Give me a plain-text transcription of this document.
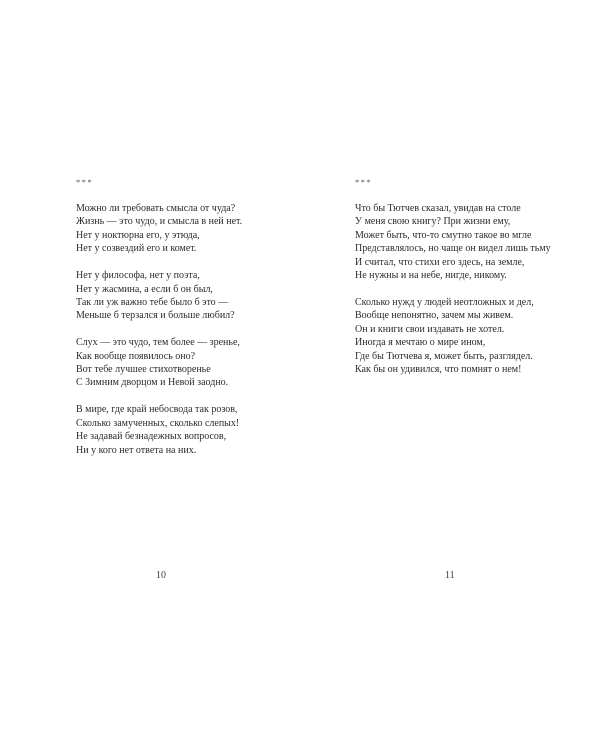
***
Можно ли требовать смысла от чуда?
Жизнь — это чудо, и смысла в ней нет.
Нет у ноктюрна его, у этюда,
Нет у созвездий его и комет.
Нет у философа, нет у поэта,
Нет у жасмина, а если б он был,
Так ли уж важно тебе было б это —
Меньше б терзался и больше любил?
Слух — это чудо, тем более — зренье,
Как вообще появилось оно?
Вот тебе лучшее стихотворенье
С Зимним дворцом и Невой заодно.
В мире, где край небосвода так розов,
Сколько замученных, сколько слепых!
Не задавай безнадежных вопросов,
Ни у кого нет ответа на них.
10
***
Что бы Тютчев сказал, увидав на столе
У меня свою книгу? При жизни ему,
Может быть, что-то смутно такое во мгле
Представлялось, но чаще он видел лишь тьму
И считал, что стихи его здесь, на земле,
Не нужны и на небе, нигде, никому.
Сколько нужд у людей неотложных и дел,
Вообще непонятно, зачем мы живем.
Он и книги свои издавать не хотел.
Иногда я мечтаю о мире ином,
Где бы Тютчева я, может быть, разглядел.
Как бы он удивился, что помнят о нем!
11
